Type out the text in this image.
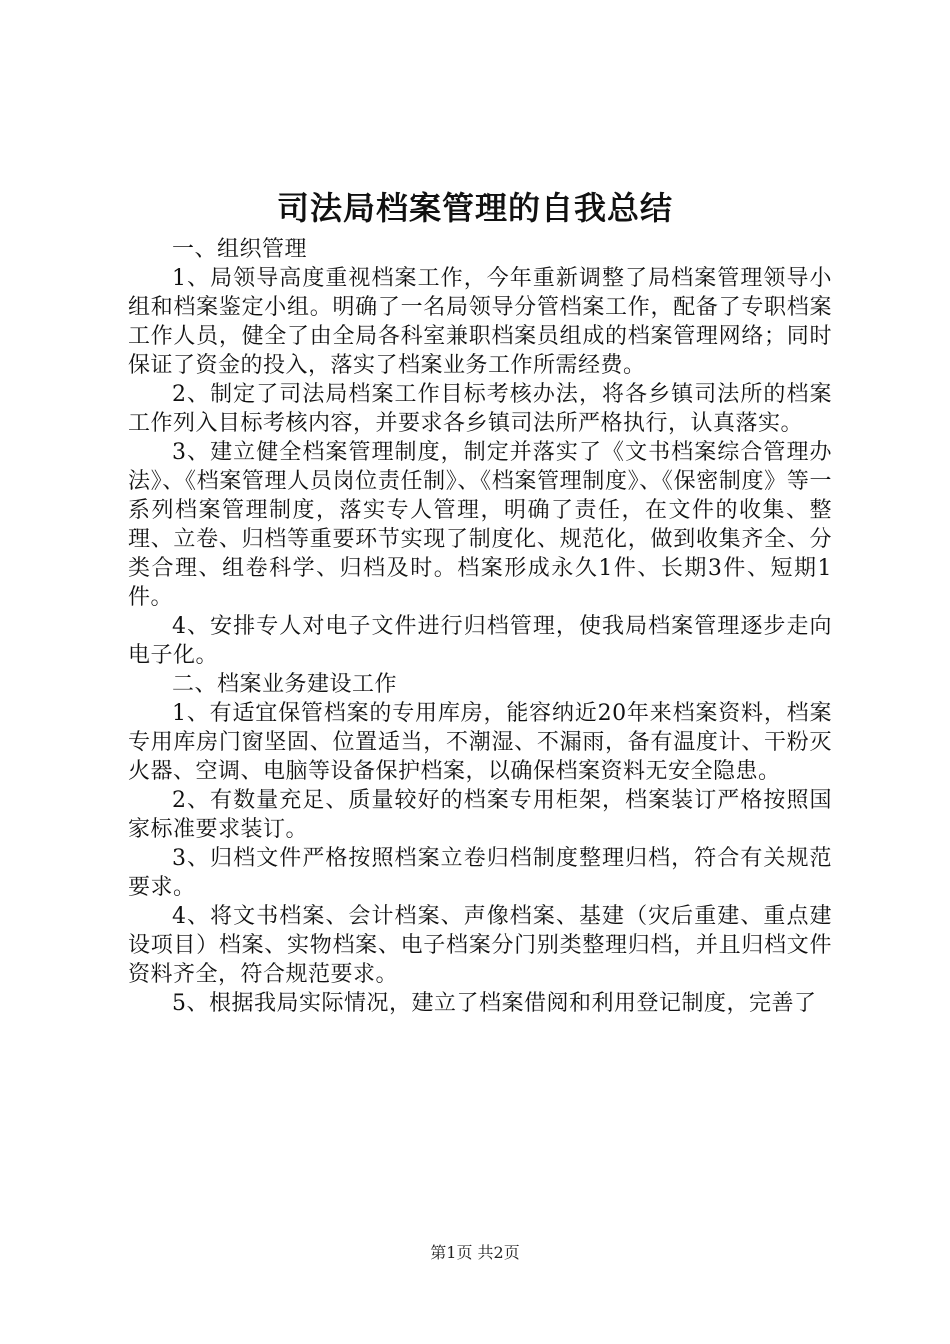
司法局档案管理的自我总结

一、组织管理

1、局领导高度重视档案工作，今年重新调整了局档案管理领导小组和档案鉴定小组。明确了一名局领导分管档案工作，配备了专职档案工作人员，健全了由全局各科室兼职档案员组成的档案管理网络；同时保证了资金的投入，落实了档案业务工作所需经费。

2、制定了司法局档案工作目标考核办法，将各乡镇司法所的档案工作列入目标考核内容，并要求各乡镇司法所严格执行，认真落实。

3、建立健全档案管理制度，制定并落实了《文书档案综合管理办法》、《档案管理人员岗位责任制》、《档案管理制度》、《保密制度》等一系列档案管理制度，落实专人管理，明确了责任，在文件的收集、整理、立卷、归档等重要环节实现了制度化、规范化，做到收集齐全、分类合理、组卷科学、归档及时。档案形成永久1件、长期3件、短期1件。

4、安排专人对电子文件进行归档管理，使我局档案管理逐步走向电子化。

二、档案业务建设工作

1、有适宜保管档案的专用库房，能容纳近20年来档案资料，档案专用库房门窗坚固、位置适当，不潮湿、不漏雨，备有温度计、干粉灭火器、空调、电脑等设备保护档案，以确保档案资料无安全隐患。

2、有数量充足、质量较好的档案专用柜架，档案装订严格按照国家标准要求装订。

3、归档文件严格按照档案立卷归档制度整理归档，符合有关规范要求。

4、将文书档案、会计档案、声像档案、基建（灾后重建、重点建设项目）档案、实物档案、电子档案分门别类整理归档，并且归档文件资料齐全，符合规范要求。

5、根据我局实际情况，建立了档案借阅和利用登记制度，完善了

第1页 共2页
